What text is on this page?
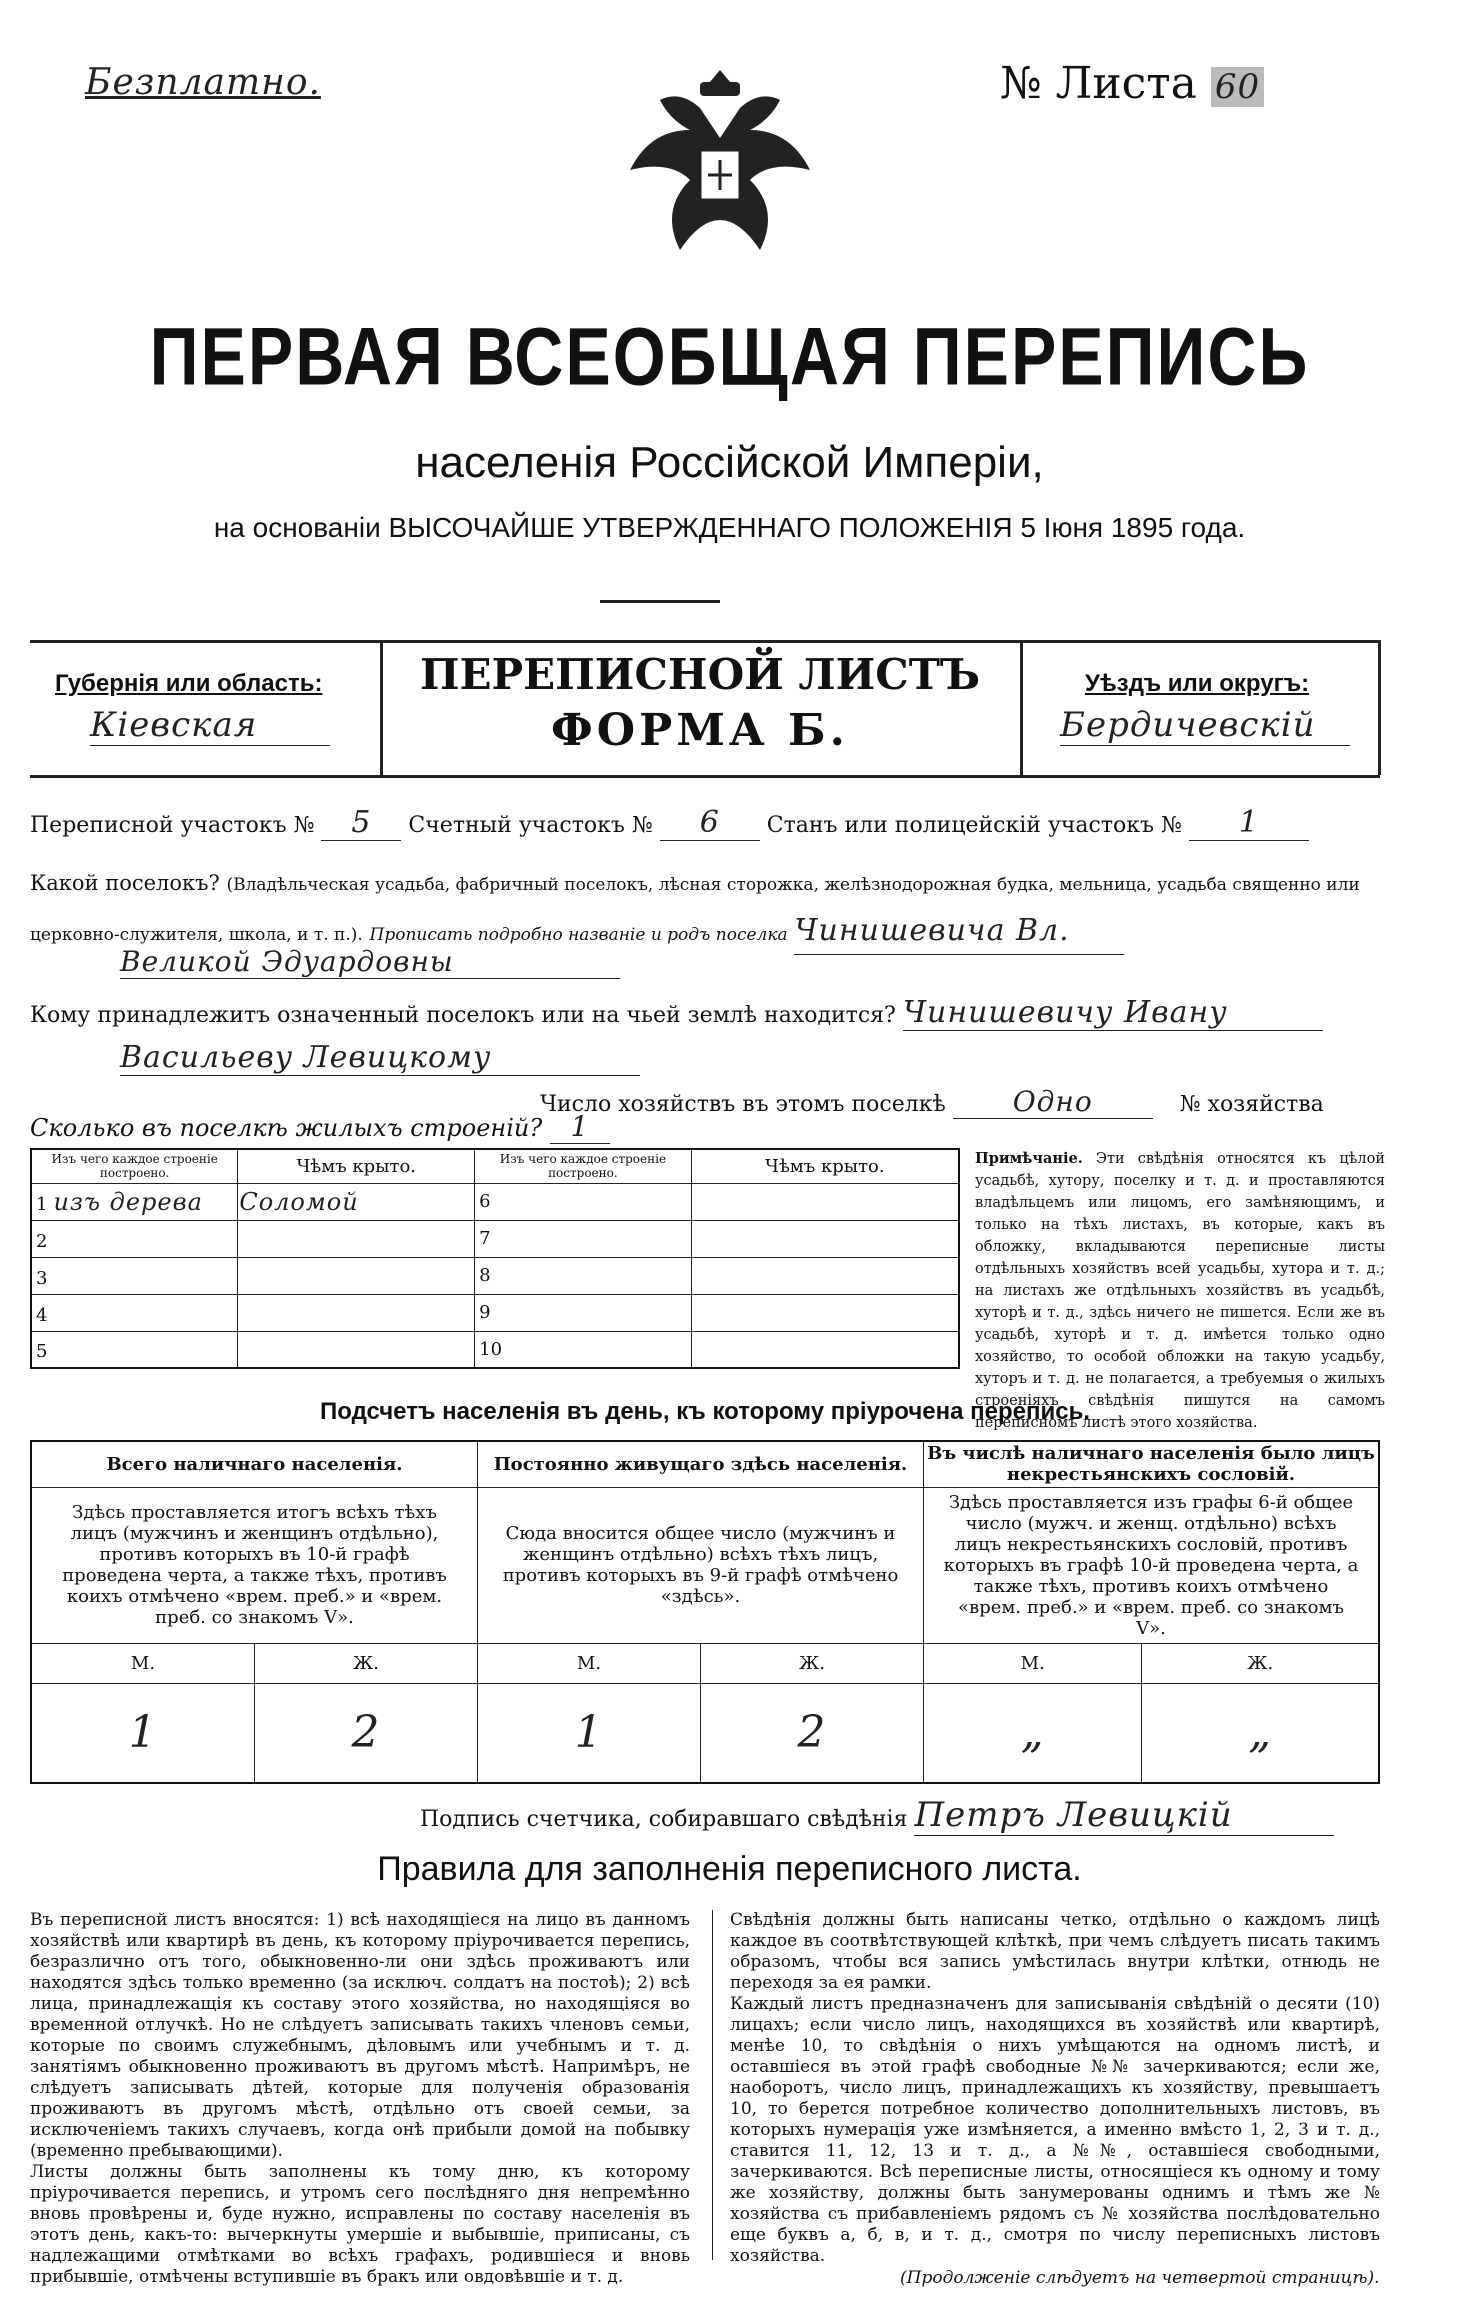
Безплатно.	№ Листа 60
ПЕРВАЯ ВСЕОБЩАЯ ПЕРЕПИСЬ
населенія Россійской Имперіи,
на основаніи ВЫСОЧАЙШЕ УТВЕРЖДЕННАГО ПОЛОЖЕНІЯ 5 Іюня 1895 года.
Губернія или область:
Кіевская
ПЕРЕПИСНОЙ ЛИСТЪ
ФОРМА Б.
Уѣздъ или округъ:
Бердичевскій
Переписной участокъ № 5 Счетный участокъ № 6 Станъ или полицейскій участокъ № 1
Какой поселокъ? (Владѣльческая усадьба, фабричный поселокъ, лѣсная сторожка, желѣзнодорожная будка, мельница, усадьба священно или церковно-служителя, школа, и т. п.). Прописать подробно названіе и родъ поселка Чинишевича Вл.
Великой Эдуардовны
Кому принадлежитъ означенный поселокъ или на чьей землѣ находится? Чинишевичу Ивану
Васильеву Левицкому
Число хозяйствъ въ этомъ поселкѣ Одно	№ хозяйства
Сколько въ поселкѣ жилыхъ строеній? 1
Изъ чего каждое строеніе построено.	Чѣмъ крыто.	Изъ чего каждое строеніе построено.	Чѣмъ крыто.
1 изъ дерева	Соломой	6	
2		7	
3		8	
4		9	
5		10	
Примѣчаніе. Эти свѣдѣнія относятся къ цѣлой усадьбѣ, хутору, поселку и т. д. и проставляются владѣльцемъ или лицомъ, его замѣняющимъ, и только на тѣхъ листахъ, въ которые, какъ въ обложку, вкладываются переписные листы отдѣльныхъ хозяйствъ всей усадьбы, хутора и т. д.; на листахъ же отдѣльныхъ хозяйствъ въ усадьбѣ, хуторѣ и т. д., здѣсь ничего не пишется. Если же въ усадьбѣ, хуторѣ и т. д. имѣется только одно хозяйство, то особой обложки на такую усадьбу, хуторъ и т. д. не полагается, а требуемыя о жилыхъ строеніяхъ свѣдѣнія пишутся на самомъ переписномъ листѣ этого хозяйства.
Подсчетъ населенія въ день, къ которому пріурочена перепись.
Всего наличнаго населенія.		Постоянно живущаго здѣсь населенія.		Въ числѣ наличнаго населенія было лицъ некрестьянскихъ сословій.	
Здѣсь проставляется итогъ всѣхъ тѣхъ лицъ (мужчинъ и женщинъ отдѣльно), противъ которыхъ въ 10-й графѣ проведена черта, а также тѣхъ, противъ коихъ отмѣчено «врем. преб.» и «врем. преб. со знакомъ V».		Сюда вносится общее число (мужчинъ и женщинъ отдѣльно) всѣхъ тѣхъ лицъ, противъ которыхъ въ 9-й графѣ отмѣчено «здѣсь».		Здѣсь проставляется изъ графы 6-й общее число (мужч. и женщ. отдѣльно) всѣхъ лицъ некрестьянскихъ сословій, противъ которыхъ въ графѣ 10-й проведена черта, а также тѣхъ, противъ коихъ отмѣчено «врем. преб.» и «врем. преб. со знакомъ V».	
М.	Ж.	М.	Ж.	М.	Ж.
1	2	1	2	„	„
Подпись счетчика, собиравшаго свѣдѣнія Петръ Левицкій
Правила для заполненія переписного листа.
Въ переписной листъ вносятся: 1) всѣ находящіеся на лицо въ данномъ хозяйствѣ или квартирѣ въ день, къ которому пріурочивается перепись, безразлично отъ того, обыкновенно-ли они здѣсь проживаютъ или находятся здѣсь только временно (за исключ. солдатъ на постоѣ); 2) всѣ лица, принадлежащія къ составу этого хозяйства, но находящіяся во временной отлучкѣ. Но не слѣдуетъ записывать такихъ членовъ семьи, которые по своимъ служебнымъ, дѣловымъ или учебнымъ и т. д. занятіямъ обыкновенно проживаютъ въ другомъ мѣстѣ. Напримѣръ, не слѣдуетъ записывать дѣтей, которые для полученія образованія проживаютъ въ другомъ мѣстѣ, отдѣльно отъ своей семьи, за исключеніемъ такихъ случаевъ, когда онѣ прибыли домой на побывку (временно пребывающими).
Листы должны быть заполнены къ тому дню, къ которому пріурочивается перепись, и утромъ сего послѣдняго дня непремѣнно вновь провѣрены и, буде нужно, исправлены по составу населенія въ этотъ день, какъ-то: вычеркнуты умершіе и выбывшіе, приписаны, съ надлежащими отмѣтками во всѣхъ графахъ, родившіеся и вновь прибывшіе, отмѣчены вступившіе въ бракъ или овдовѣвшіе и т. д.
Свѣдѣнія должны быть написаны четко, отдѣльно о каждомъ лицѣ каждое въ соотвѣтствующей клѣткѣ, при чемъ слѣдуетъ писать такимъ образомъ, чтобы вся запись умѣстилась внутри клѣтки, отнюдь не переходя за ея рамки.
Каждый листъ предназначенъ для записыванія свѣдѣній о десяти (10) лицахъ; если число лицъ, находящихся въ хозяйствѣ или квартирѣ, менѣе 10, то свѣдѣнія о нихъ умѣщаются на одномъ листѣ, и оставшіеся въ этой графѣ свободные №№ зачеркиваются; если же, наоборотъ, число лицъ, принадлежащихъ къ хозяйству, превышаетъ 10, то берется потребное количество дополнительныхъ листовъ, въ которыхъ нумерація уже измѣняется, а именно вмѣсто 1, 2, 3 и т. д., ставится 11, 12, 13 и т. д., а №№, оставшіеся свободными, зачеркиваются. Всѣ переписные листы, относящіеся къ одному и тому же хозяйству, должны быть занумерованы однимъ и тѣмъ же № хозяйства съ прибавленіемъ рядомъ съ № хозяйства послѣдовательно еще буквъ а, б, в, и т. д., смотря по числу переписныхъ листовъ хозяйства.
(Продолженіе слѣдуетъ на четвертой страницѣ).
